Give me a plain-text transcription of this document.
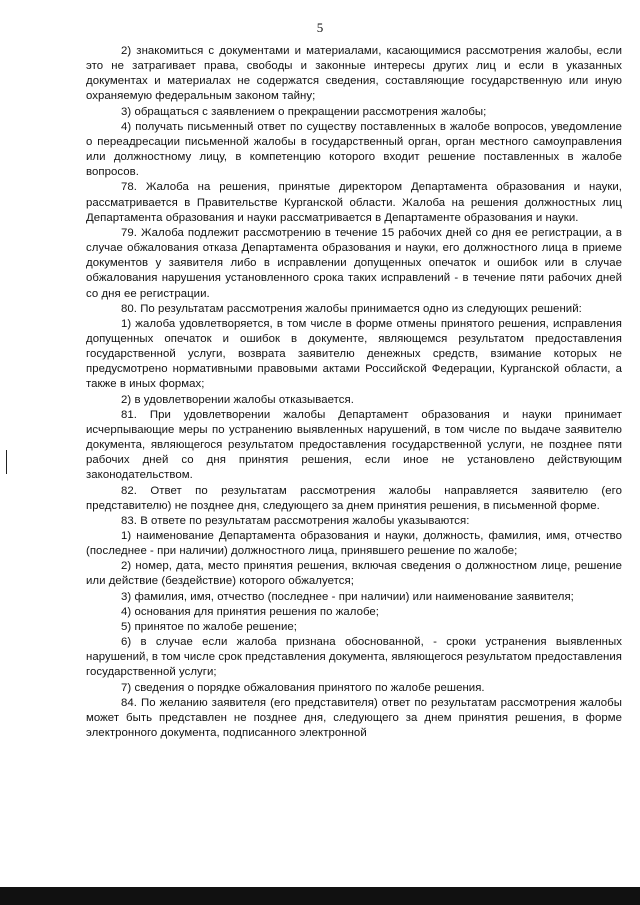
5

2) знакомиться с документами и материалами, касающимися рассмотрения жалобы, если это не затрагивает права, свободы и законные интересы других лиц и если в указанных документах и материалах не содержатся сведения, составляющие государственную или иную охраняемую федеральным законом тайну;

3) обращаться с заявлением о прекращении рассмотрения жалобы;

4) получать письменный ответ по существу поставленных в жалобе вопросов, уведомление о переадресации письменной жалобы в государственный орган, орган местного самоуправления или должностному лицу, в компетенцию которого входит решение поставленных в жалобе вопросов.

78. Жалоба на решения, принятые директором Департамента образования и науки, рассматривается в Правительстве Курганской области. Жалоба на решения должностных лиц Департамента образования и науки рассматривается в Департаменте образования и науки.

79. Жалоба подлежит рассмотрению в течение 15 рабочих дней со дня ее регистрации, а в случае обжалования отказа Департамента образования и науки, его должностного лица в приеме документов у заявителя либо в исправлении допущенных опечаток и ошибок или в случае обжалования нарушения установленного срока таких исправлений - в течение пяти рабочих дней со дня ее регистрации.

80. По результатам рассмотрения жалобы принимается одно из следующих решений:

1) жалоба удовлетворяется, в том числе в форме отмены принятого решения, исправления допущенных опечаток и ошибок в документе, являющемся результатом предоставления государственной услуги, возврата заявителю денежных средств, взимание которых не предусмотрено нормативными правовыми актами Российской Федерации, Курганской области, а также в иных формах;

2) в удовлетворении жалобы отказывается.

81. При удовлетворении жалобы Департамент образования и науки принимает исчерпывающие меры по устранению выявленных нарушений, в том числе по выдаче заявителю документа, являющегося результатом предоставления государственной услуги, не позднее пяти рабочих дней со дня принятия решения, если иное не установлено действующим законодательством.

82. Ответ по результатам рассмотрения жалобы направляется заявителю (его представителю) не позднее дня, следующего за днем принятия решения, в письменной форме.

83. В ответе по результатам рассмотрения жалобы указываются:

1) наименование Департамента образования и науки, должность, фамилия, имя, отчество (последнее - при наличии) должностного лица, принявшего решение по жалобе;

2) номер, дата, место принятия решения, включая сведения о должностном лице, решение или действие (бездействие) которого обжалуется;

3) фамилия, имя, отчество (последнее - при наличии) или наименование заявителя;

4) основания для принятия решения по жалобе;

5) принятое по жалобе решение;

6) в случае если жалоба признана обоснованной, - сроки устранения выявленных нарушений, в том числе срок представления документа, являющегося результатом предоставления государственной услуги;

7) сведения о порядке обжалования принятого по жалобе решения.

84. По желанию заявителя (его представителя) ответ по результатам рассмотрения жалобы может быть представлен не позднее дня, следующего за днем принятия решения, в форме электронного документа, подписанного электронной
